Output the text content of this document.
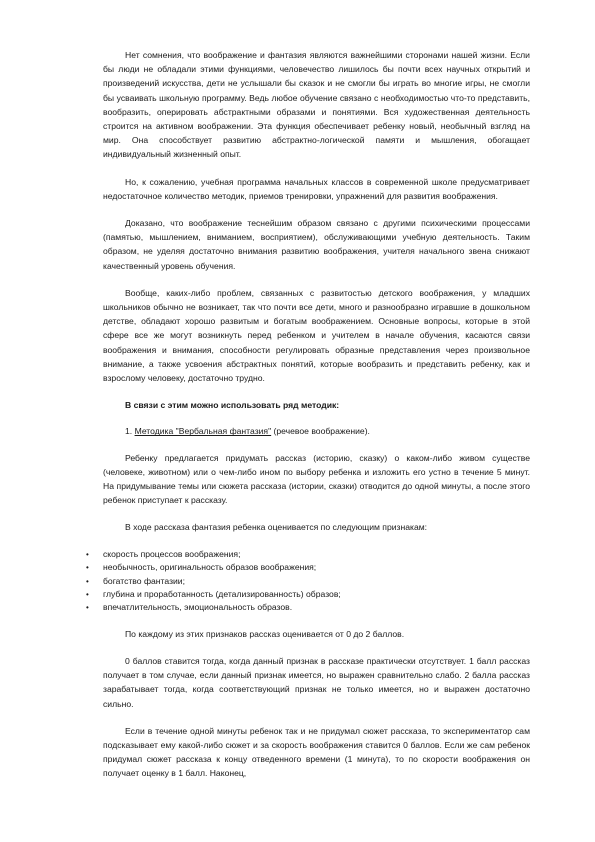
Нет сомнения, что воображение и фантазия являются важнейшими сторонами нашей жизни. Если бы люди не обладали этими функциями, человечество лишилось бы почти всех научных открытий и произведений искусства, дети не услышали бы сказок и не смогли бы играть во многие игры, не смогли бы усваивать школьную программу. Ведь любое обучение связано с необходимостью что-то представить, вообразить, оперировать абстрактными образами и понятиями. Вся художественная деятельность строится на активном воображении. Эта функция обеспечивает ребенку новый, необычный взгляд на мир. Она способствует развитию абстрактно-логической памяти и мышления, обогащает индивидуальный жизненный опыт.

Но, к сожалению, учебная программа начальных классов в современной школе предусматривает недостаточное количество методик, приемов тренировки, упражнений для развития воображения.

Доказано, что воображение теснейшим образом связано с другими психическими процессами (памятью, мышлением, вниманием, восприятием), обслуживающими учебную деятельность. Таким образом, не уделяя достаточно внимания развитию воображения, учителя начального звена снижают качественный уровень обучения.

Вообще, каких-либо проблем, связанных с развитостью детского воображения, у младших школьников обычно не возникает, так что почти все дети, много и разнообразно игравшие в дошкольном детстве, обладают хорошо развитым и богатым воображением. Основные вопросы, которые в этой сфере все же могут возникнуть перед ребенком и учителем в начале обучения, касаются связи воображения и внимания, способности регулировать образные представления через произвольное внимание, а также усвоения абстрактных понятий, которые вообразить и представить ребенку, как и взрослому человеку, достаточно трудно.

В связи с этим можно использовать ряд методик:

1. Методика "Вербальная фантазия" (речевое воображение).

Ребенку предлагается придумать рассказ (историю, сказку) о каком-либо живом существе (человеке, животном) или о чем-либо ином по выбору ребенка и изложить его устно в течение 5 минут. На придумывание темы или сюжета рассказа (истории, сказки) отводится до одной минуты, а после этого ребенок приступает к рассказу.

В ходе рассказа фантазия ребенка оценивается по следующим признакам:

• скорость процессов воображения;
• необычность, оригинальность образов воображения;
• богатство фантазии;
• глубина и проработанность (детализированность) образов;
• впечатлительность, эмоциональность образов.

По каждому из этих признаков рассказ оценивается от 0 до 2 баллов.

0 баллов ставится тогда, когда данный признак в рассказе практически отсутствует. 1 балл рассказ получает в том случае, если данный признак имеется, но выражен сравнительно слабо. 2 балла рассказ зарабатывает тогда, когда соответствующий признак не только имеется, но и выражен достаточно сильно.

Если в течение одной минуты ребенок так и не придумал сюжет рассказа, то экспериментатор сам подсказывает ему какой-либо сюжет и за скорость воображения ставится 0 баллов. Если же сам ребенок придумал сюжет рассказа к концу отведенного времени (1 минута), то по скорости воображения он получает оценку в 1 балл. Наконец,
